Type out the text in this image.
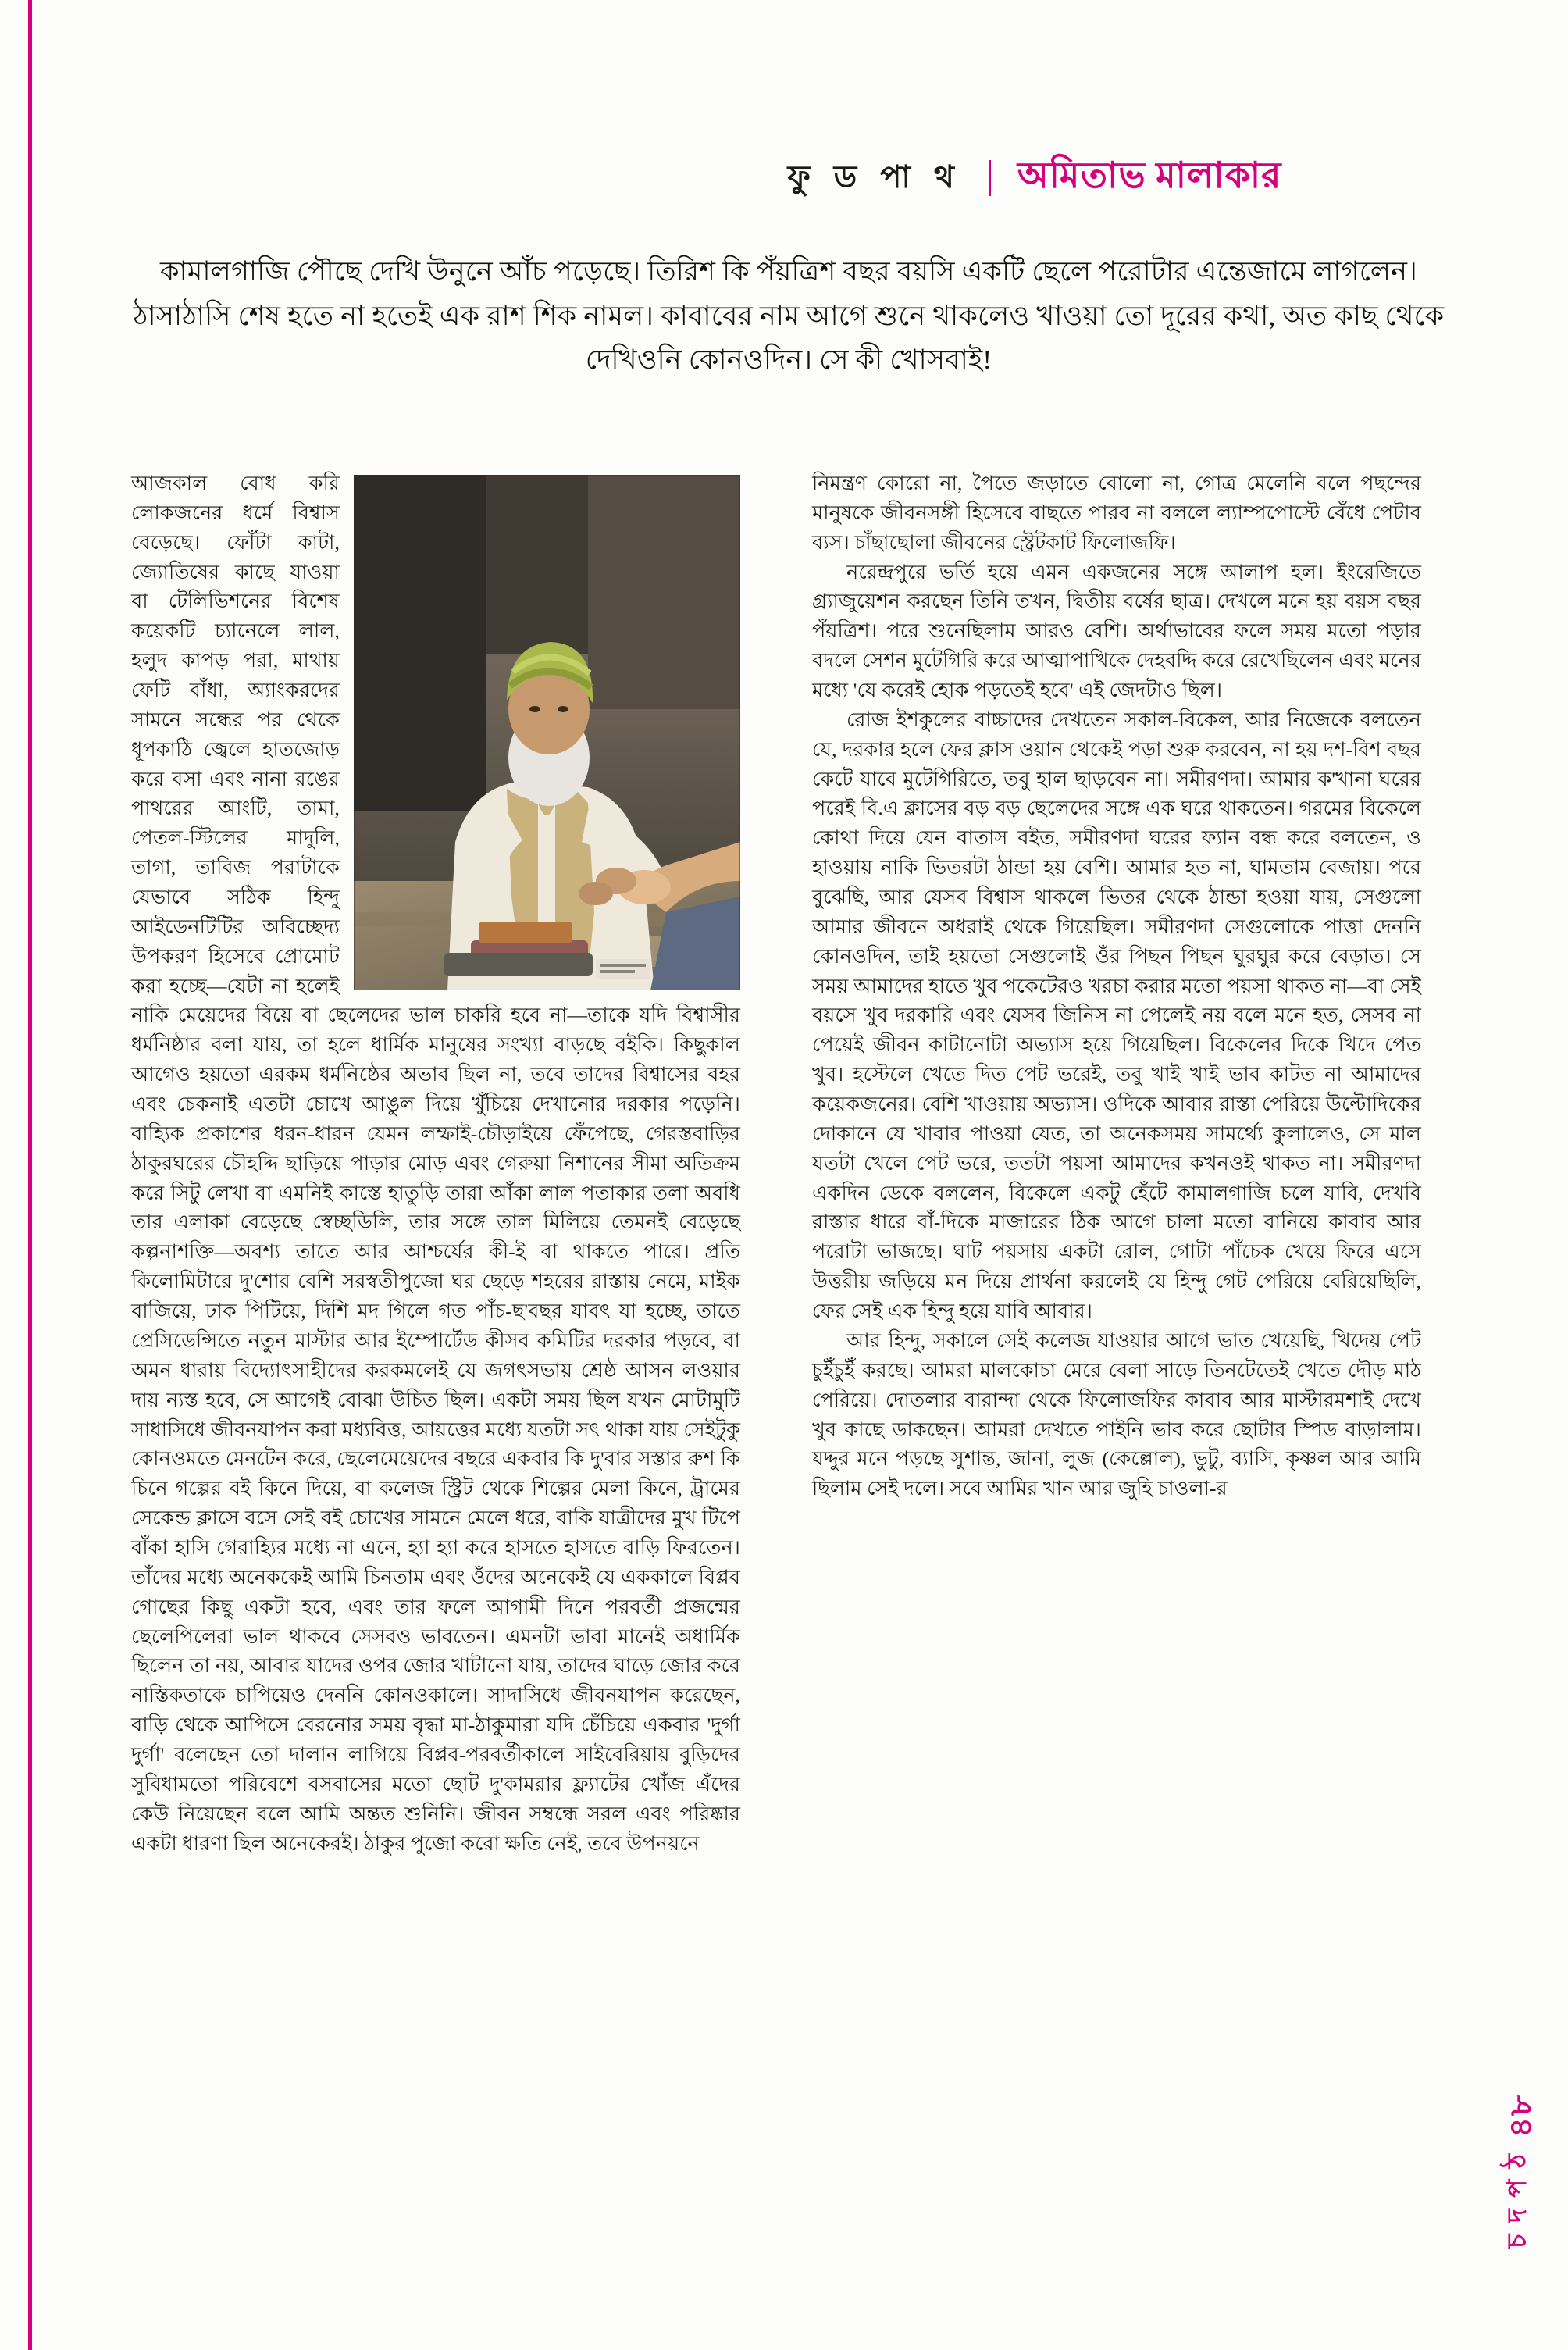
ফু ড পা থ অমিতাভ মালাকার
কামালগাজি পৌছে দেখি উনুনে আঁচ পড়েছে। তিরিশ কি পঁয়ত্রিশ বছর বয়সি একটি ছেলে পরোটার এন্তেজামে লাগলেন। ঠাসাঠাসি শেষ হতে না হতেই এক রাশ শিক নামল। কাবাবের নাম আগে শুনে থাকলেও খাওয়া তো দূরের কথা, অত কাছ থেকে দেখিওনি কোনওদিন। সে কী খোসবাই!

আজকাল বোধ করি লোকজনের ধর্মে বিশ্বাস বেড়েছে। ফোঁটা কাটা, জ্যোতিষের কাছে যাওয়া বা টেলিভিশনের বিশেষ কয়েকটি চ্যানেলে লাল, হলুদ কাপড় পরা, মাথায় ফেটি বাঁধা, অ্যাংকরদের সামনে সন্ধের পর থেকে ধূপকাঠি জ্বেলে হাতজোড় করে বসা এবং নানা রঙের পাথরের আংটি, তামা, পেতল-স্টিলের মাদুলি, তাগা, তাবিজ পরাটাকে যেভাবে সঠিক হিন্দু আইডেনটিটির অবিচ্ছেদ্য উপকরণ হিসেবে প্রোমোট করা হচ্ছে—যেটা না হলেই নাকি মেয়েদের বিয়ে বা ছেলেদের ভাল চাকরি হবে না—তাকে যদি বিশ্বাসীর ধর্মনিষ্ঠার বলা যায়, তা হলে ধার্মিক মানুষের সংখ্যা বাড়ছে বইকি। কিছুকাল আগেও হয়তো এরকম ধর্মনিষ্ঠের অভাব ছিল না, তবে তাদের বিশ্বাসের বহর এবং চেকনাই এতটা চোখে আঙুল দিয়ে খুঁচিয়ে দেখানোর দরকার পড়েনি। বাহ্যিক প্রকাশের ধরন-ধারন যেমন লম্ফাই-চৌড়াইয়ে ফেঁপেছে, গেরস্তবাড়ির ঠাকুরঘরের চৌহদ্দি ছাড়িয়ে পাড়ার মোড় এবং গেরুয়া নিশানের সীমা অতিক্রম করে সিটু লেখা বা এমনিই কাস্তে হাতুড়ি তারা আঁকা লাল পতাকার তলা অবধি তার এলাকা বেড়েছে স্বেচ্ছডিলি, তার সঙ্গে তাল মিলিয়ে তেমনই বেড়েছে কল্পনাশক্তি—অবশ্য তাতে আর আশ্চর্যের কী-ই বা থাকতে পারে। প্রতি কিলোমিটারে দু'শোর বেশি সরস্বতীপুজো ঘর ছেড়ে শহরের রাস্তায় নেমে, মাইক বাজিয়ে, ঢাক পিটিয়ে, দিশি মদ গিলে গত পাঁচ-ছ'বছর যাবৎ যা হচ্ছে, তাতে প্রেসিডেন্সিতে নতুন মাস্টার আর ইম্পোর্টেড কীসব কমিটির দরকার পড়বে, বা অমন ধারায় বিদ্যোৎসাহীদের করকমলেই যে জগৎসভায় শ্রেষ্ঠ আসন লওয়ার দায় ন্যস্ত হবে, সে আগেই বোঝা উচিত ছিল। একটা সময় ছিল যখন মোটামুটি সাধাসিধে জীবনযাপন করা মধ্যবিত্ত, আয়ত্তের মধ্যে যতটা সৎ থাকা যায় সেইটুকু কোনওমতে মেনটেন করে, ছেলেমেয়েদের বছরে একবার কি দু'বার সস্তার রুশ কি চিনে গল্পের বই কিনে দিয়ে, বা কলেজ স্ট্রিট থেকে শিল্পের মেলা কিনে, ট্রামের সেকেন্ড ক্লাসে বসে সেই বই চোখের সামনে মেলে ধরে, বাকি যাত্রীদের মুখ টিপে বাঁকা হাসি গেরাহ্যির মধ্যে না এনে, হ্যা হ্যা করে হাসতে হাসতে বাড়ি ফিরতেন। তাঁদের মধ্যে অনেককেই আমি চিনতাম এবং ওঁদের অনেকেই যে এককালে বিপ্লব গোছের কিছু একটা হবে, এবং তার ফলে আগামী দিনে পরবর্তী প্রজন্মের ছেলেপিলেরা ভাল থাকবে সেসবও ভাবতেন। এমনটা ভাবা মানেই অধার্মিক ছিলেন তা নয়, আবার যাদের ওপর জোর খাটানো যায়, তাদের ঘাড়ে জোর করে নাস্তিকতাকে চাপিয়েও দেননি কোনওকালে। সাদাসিধে জীবনযাপন করেছেন, বাড়ি থেকে আপিসে বেরনোর সময় বৃদ্ধা মা-ঠাকুমারা যদি চেঁচিয়ে একবার 'দুৰ্গা দুৰ্গা' বলেছেন তো দালান লাগিয়ে বিপ্লব-পরবর্তীকালে সাইবেরিয়ায় বুড়িদের সুবিধামতো পরিবেশে বসবাসের মতো ছোট দু'কামরার ফ্ল্যাটের খোঁজ এঁদের কেউ নিয়েছেন বলে আমি অন্তত শুনিনি। জীবন সম্বন্ধে সরল এবং পরিষ্কার একটা ধারণা ছিল অনেকেরই। ঠাকুর পুজো করো ক্ষতি নেই, তবে উপনয়নে

নিমন্ত্রণ কোরো না, পৈতে জড়াতে বোলো না, গোত্র মেলেনি বলে পছন্দের মানুষকে জীবনসঙ্গী হিসেবে বাছতে পারব না বললে ল্যাম্পপোস্টে বেঁধে পেটাব ব্যস। চাঁছাছোলা জীবনের স্ট্রেটকাট ফিলোজফি।

নরেন্দ্রপুরে ভর্তি হয়ে এমন একজনের সঙ্গে আলাপ হল। ইংরেজিতে গ্র্যাজুয়েশন করছেন তিনি তখন, দ্বিতীয় বর্ষের ছাত্র। দেখলে মনে হয় বয়স বছর পঁয়ত্রিশ। পরে শুনেছিলাম আরও বেশি। অর্থাভাবের ফলে সময় মতো পড়ার বদলে সেশন মুটেগিরি করে আত্মাপাখিকে দেহবদ্দি করে রেখেছিলেন এবং মনের মধ্যে 'যে করেই হোক পড়তেই হবে' এই জেদটাও ছিল।

রোজ ইশকুলের বাচ্চাদের দেখতেন সকাল-বিকেল, আর নিজেকে বলতেন যে, দরকার হলে ফের ক্লাস ওয়ান থেকেই পড়া শুরু করবেন, না হয় দশ-বিশ বছর কেটে যাবে মুটেগিরিতে, তবু হাল ছাড়বেন না। সমীরণদা। আমার ক'খানা ঘরের পরেই বি.এ ক্লাসের বড় বড় ছেলেদের সঙ্গে এক ঘরে থাকতেন। গরমের বিকেলে কোথা দিয়ে যেন বাতাস বইত, সমীরণদা ঘরের ফ্যান বন্ধ করে বলতেন, ও হাওয়ায় নাকি ভিতরটা ঠান্ডা হয় বেশি। আমার হত না, ঘামতাম বেজায়। পরে বুঝেছি, আর যেসব বিশ্বাস থাকলে ভিতর থেকে ঠান্ডা হওয়া যায়, সেগুলো আমার জীবনে অধরাই থেকে গিয়েছিল। সমীরণদা সেগুলোকে পাত্তা দেননি কোনওদিন, তাই হয়তো সেগুলোই ওঁর পিছন পিছন ঘুরঘুর করে বেড়াত। সে সময় আমাদের হাতে খুব পকেটেরও খরচা করার মতো পয়সা থাকত না—বা সেই বয়সে খুব দরকারি এবং যেসব জিনিস না পেলেই নয় বলে মনে হত, সেসব না পেয়েই জীবন কাটানোটা অভ্যাস হয়ে গিয়েছিল। বিকেলের দিকে খিদে পেত খুব। হস্টেলে খেতে দিত পেট ভরেই, তবু খাই খাই ভাব কাটত না আমাদের কয়েকজনের। বেশি খাওয়ায় অভ্যাস। ওদিকে আবার রাস্তা পেরিয়ে উল্টোদিকের দোকানে যে খাবার পাওয়া যেত, তা অনেকসময় সামর্থ্যে কুলালেও, সে মাল যতটা খেলে পেট ভরে, ততটা পয়সা আমাদের কখনওই থাকত না। সমীরণদা একদিন ডেকে বললেন, বিকেলে একটু হেঁটে কামালগাজি চলে যাবি, দেখবি রাস্তার ধারে বাঁ-দিকে মাজারের ঠিক আগে চালা মতো বানিয়ে কাবাব আর পরোটা ভাজছে। ঘাট পয়সায় একটা রোল, গোটা পাঁচেক খেয়ে ফিরে এসে উত্তরীয় জড়িয়ে মন দিয়ে প্রার্থনা করলেই যে হিন্দু গেট পেরিয়ে বেরিয়েছিলি, ফের সেই এক হিন্দু হয়ে যাবি আবার।

আর হিন্দু, সকালে সেই কলেজ যাওয়ার আগে ভাত খেয়েছি, খিদেয় পেট চুইঁচুইঁ করছে। আমরা মালকোচা মেরে বেলা সাড়ে তিনটেতেই খেতে দৌড় মাঠ পেরিয়ে। দোতলার বারান্দা থেকে ফিলোজফির কাবাব আর মাস্টারমশাই দেখে খুব কাছে ডাকছেন। আমরা দেখতে পাইনি ভাব করে ছোটার স্পিড বাড়ালাম। যদ্দুর মনে পড়ছে সুশান্ত, জানা, লুজ (কেল্লোল), ভুটু, ব্যাসি, কৃষ্ণল আর আমি ছিলাম সেই দলে। সবে আমির খান আর জুহি চাওলা-র

৪৮
চ দ প ঠ
